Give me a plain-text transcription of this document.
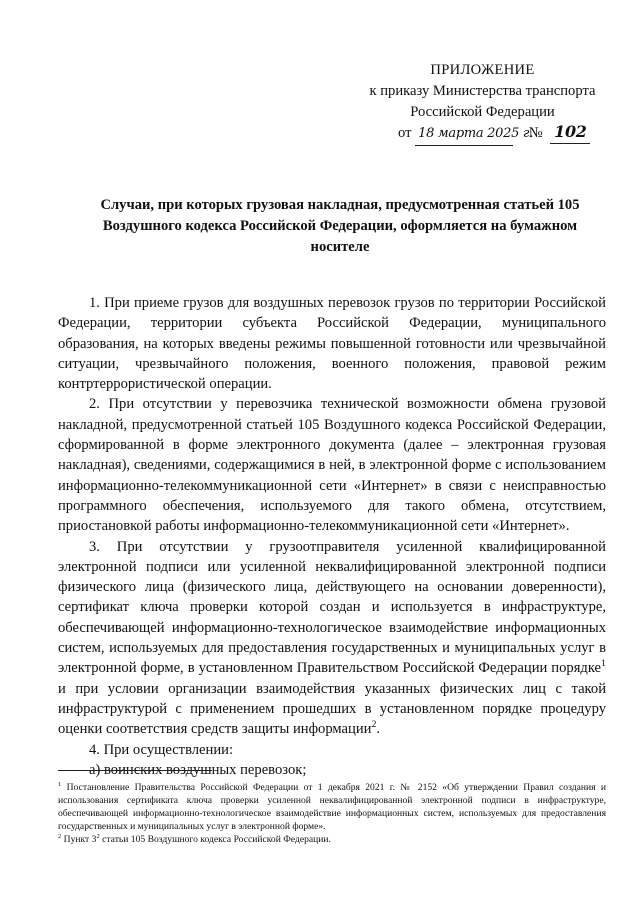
ПРИЛОЖЕНИЕ
к приказу Министерства транспорта
Российской Федерации
от 18 марта 2025 г. № 102
Случаи, при которых грузовая накладная, предусмотренная статьей 105 Воздушного кодекса Российской Федерации, оформляется на бумажном носителе

1. При приеме грузов для воздушных перевозок грузов по территории Российской Федерации, территории субъекта Российской Федерации, муниципального образования, на которых введены режимы повышенной готовности или чрезвычайной ситуации, чрезвычайного положения, военного положения, правовой режим контртеррористической операции.

2. При отсутствии у перевозчика технической возможности обмена грузовой накладной, предусмотренной статьей 105 Воздушного кодекса Российской Федерации, сформированной в форме электронного документа (далее – электронная грузовая накладная), сведениями, содержащимися в ней, в электронной форме с использованием информационно-телекоммуникационной сети «Интернет» в связи с неисправностью программного обеспечения, используемого для такого обмена, отсутствием, приостановкой работы информационно-телекоммуникационной сети «Интернет».

3. При отсутствии у грузоотправителя усиленной квалифицированной электронной подписи или усиленной неквалифицированной электронной подписи физического лица (физического лица, действующего на основании доверенности), сертификат ключа проверки которой создан и используется в инфраструктуре, обеспечивающей информационно-технологическое взаимодействие информационных систем, используемых для предоставления государственных и муниципальных услуг в электронной форме, в установленном Правительством Российской Федерации порядке$^1$ и при условии организации взаимодействия указанных физических лиц с такой инфраструктурой с применением прошедших в установленном порядке процедуру оценки соответствия средств защиты информации$^2$.

4. При осуществлении:

а) воинских воздушных перевозок;

$^1$ Постановление Правительства Российской Федерации от 1 декабря 2021 г. № 2152 «Об утверждении Правил создания и использования сертификата ключа проверки усиленной неквалифицированной электронной подписи в инфраструктуре, обеспечивающей информационно-технологическое взаимодействие информационных систем, используемых для предоставления государственных и муниципальных услуг в электронной форме».

$^2$ Пункт $3^2$ статьи 105 Воздушного кодекса Российской Федерации.
